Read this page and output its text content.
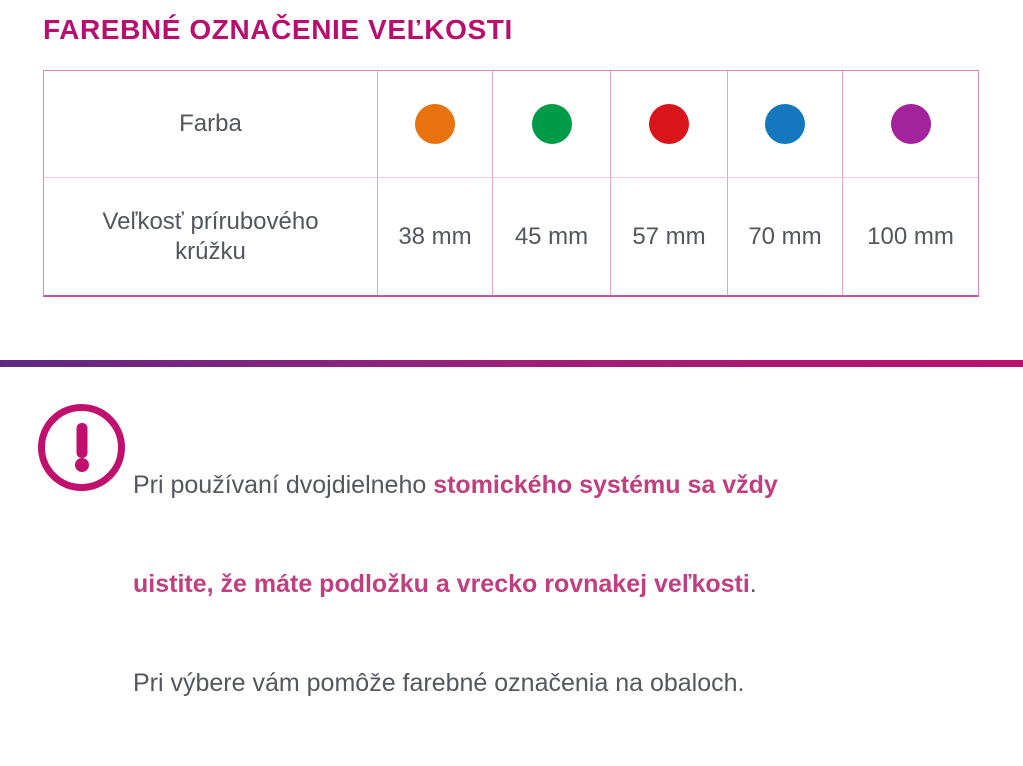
FAREBNÉ OZNAČENIE VEĽKOSTI
Farba
Veľkosť prírubového krúžku
38 mm 45 mm 57 mm 70 mm 100 mm

Pri používaní dvojdielneho stomického systému sa vždy

uistite, že máte podložku a vrecko rovnakej veľkosti.

Pri výbere vám pomôže farebné označenia na obaloch.
